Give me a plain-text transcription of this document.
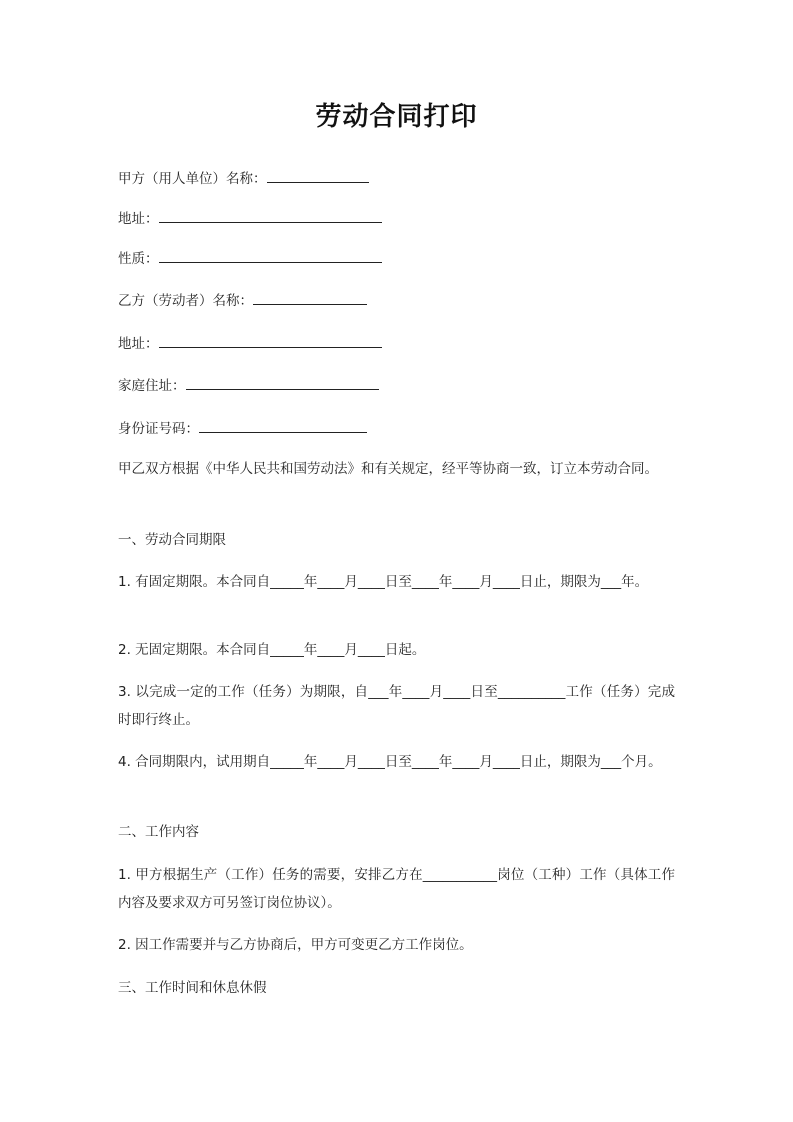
劳动合同打印
甲方（用人单位）名称：
地址：
性质：
乙方（劳动者）名称：
地址：
家庭住址：
身份证号码：
甲乙双方根据《中华人民共和国劳动法》和有关规定，经平等协商一致，订立本劳动合同。
一、劳动合同期限
1. 有固定期限。本合同自_____年____月____日至____年____月____日止，期限为___年。
2. 无固定期限。本合同自_____年____月____日起。
3. 以完成一定的工作（任务）为期限，自___年____月____日至__________工作（任务）完成时即行终止。
4. 合同期限内，试用期自_____年____月____日至____年____月____日止，期限为___个月。
二、工作内容
1. 甲方根据生产（工作）任务的需要，安排乙方在___________岗位（工种）工作（具体工作内容及要求双方可另签订岗位协议）。
2. 因工作需要并与乙方协商后，甲方可变更乙方工作岗位。
三、工作时间和休息休假
